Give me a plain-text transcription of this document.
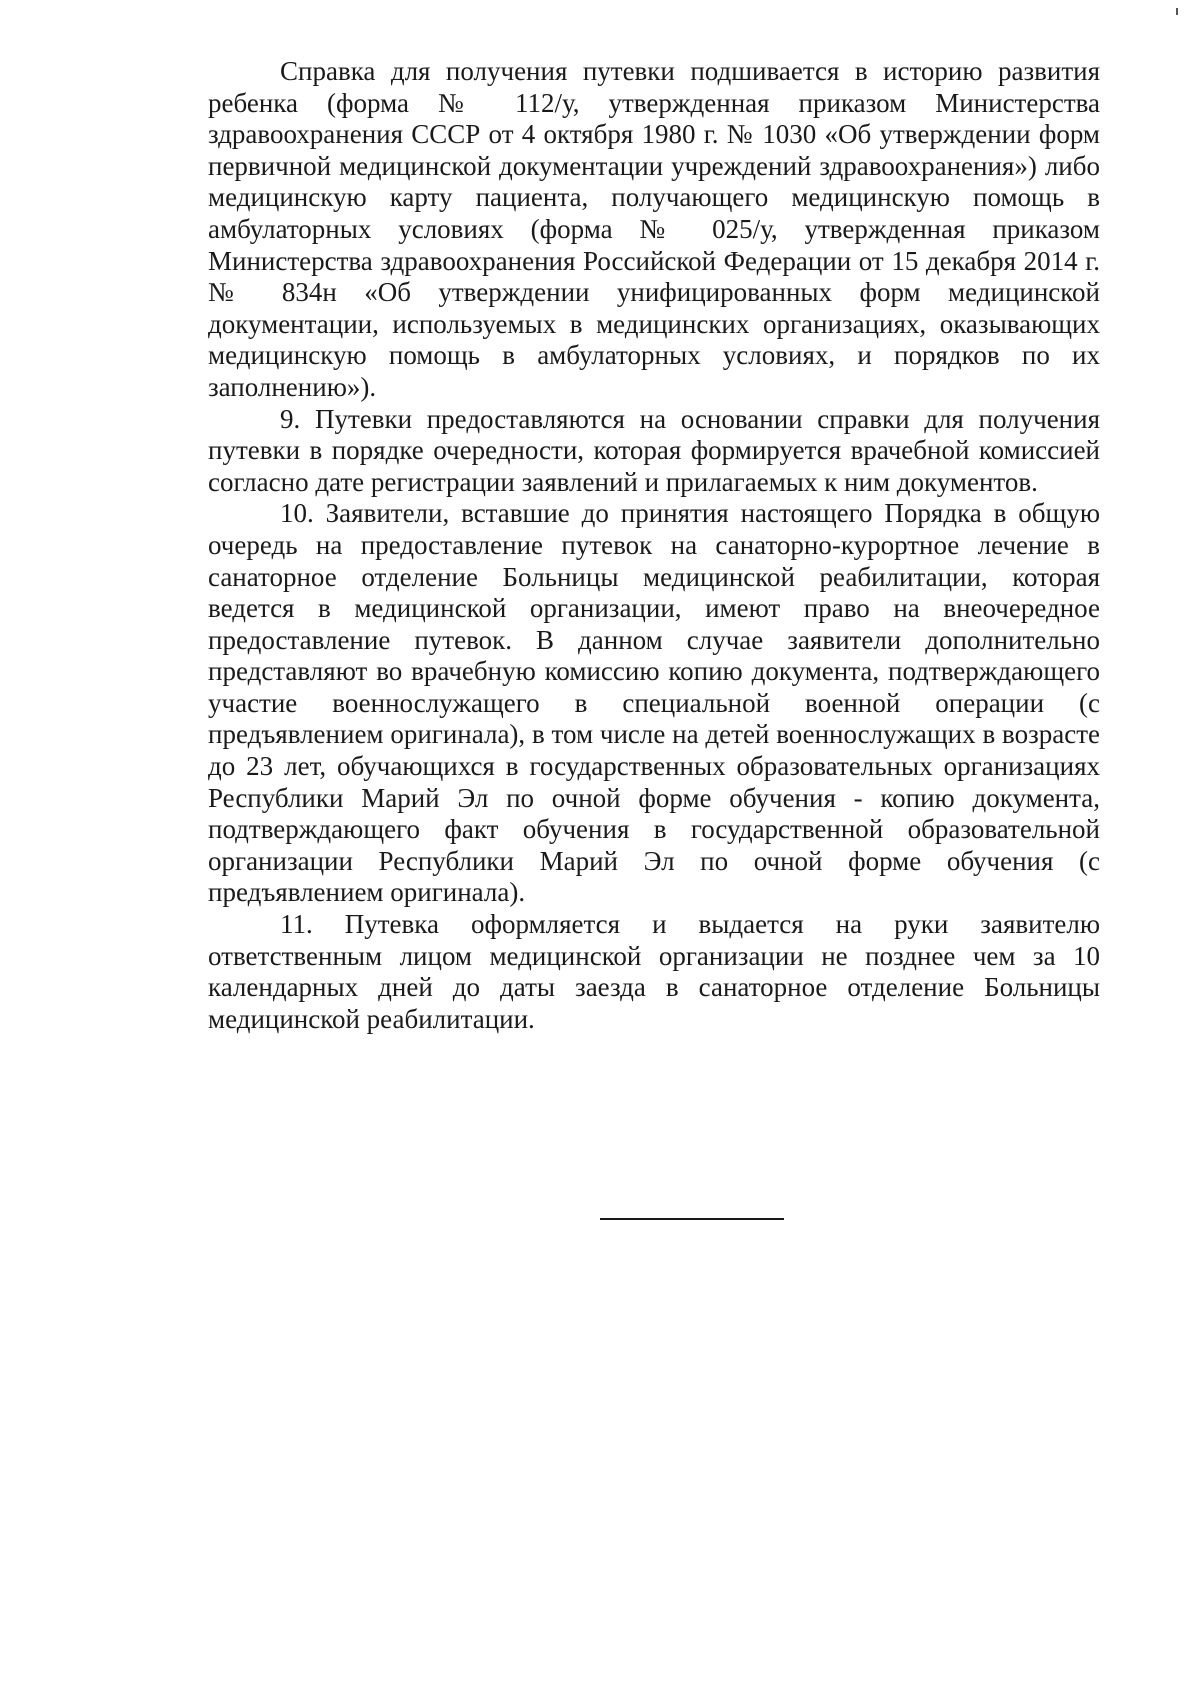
Справка для получения путевки подшивается в историю развития ребенка (форма № 112/у, утвержденная приказом Министерства здравоохранения СССР от 4 октября 1980 г. № 1030 «Об утверждении форм первичной медицинской документации учреждений здравоохранения») либо медицинскую карту пациента, получающего медицинскую помощь в амбулаторных условиях (форма № 025/у, утвержденная приказом Министерства здравоохранения Российской Федерации от 15 декабря 2014 г. № 834н «Об утверждении унифицированных форм медицинской документации, используемых в медицинских организациях, оказывающих медицинскую помощь в амбулаторных условиях, и порядков по их заполнению»).

9. Путевки предоставляются на основании справки для получения путевки в порядке очередности, которая формируется врачебной комиссией согласно дате регистрации заявлений и прилагаемых к ним документов.

10. Заявители, вставшие до принятия настоящего Порядка в общую очередь на предоставление путевок на санаторно-курортное лечение в санаторное отделение Больницы медицинской реабилитации, которая ведется в медицинской организации, имеют право на внеочередное предоставление путевок. В данном случае заявители дополнительно представляют во врачебную комиссию копию документа, подтверждающего участие военнослужащего в специальной военной операции (с предъявлением оригинала), в том числе на детей военнослужащих в возрасте до 23 лет, обучающихся в государственных образовательных организациях Республики Марий Эл по очной форме обучения - копию документа, подтверждающего факт обучения в государственной образовательной организации Республики Марий Эл по очной форме обучения (с предъявлением оригинала).

11. Путевка оформляется и выдается на руки заявителю ответственным лицом медицинской организации не позднее чем за 10 календарных дней до даты заезда в санаторное отделение Больницы медицинской реабилитации.
